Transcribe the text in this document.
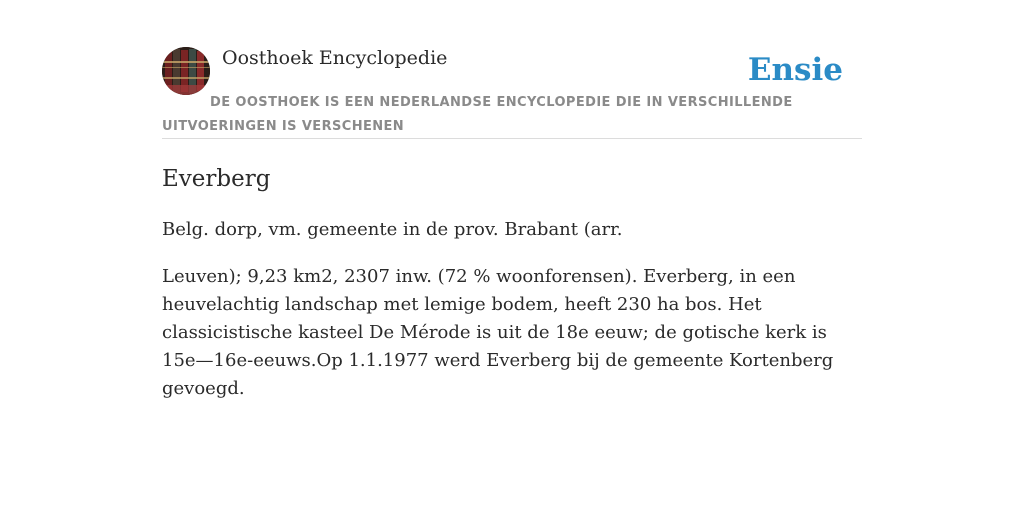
Oosthoek Encyclopedie	Ensie
DE OOSTHOEK IS EEN NEDERLANDSE ENCYCLOPEDIE DIE IN VERSCHILLENDE UITVOERINGEN IS VERSCHENEN
Everberg

Belg. dorp, vm. gemeente in de prov. Brabant (arr.

Leuven); 9,23 km2, 2307 inw. (72 % woonforensen). Everberg, in een heuvelachtig landschap met lemige bodem, heeft 230 ha bos. Het classicistische kasteel De Mérode is uit de 18e eeuw; de gotische kerk is 15e—16e-eeuws.Op 1.1.1977 werd Everberg bij de gemeente Kortenberg gevoegd.
